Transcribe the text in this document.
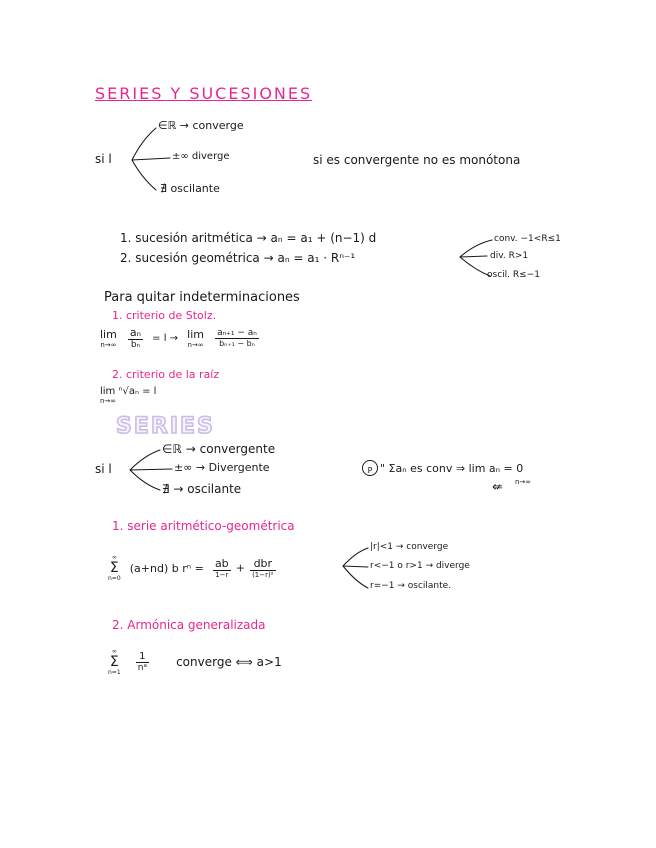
SERIES Y SUCESIONES
si l
∈ℝ → converge
±∞ diverge
∄ oscilante
si es convergente no es monótona
1. sucesión aritmética → aₙ = a₁ + (n−1) d
2. sucesión geométrica → aₙ = a₁ · Rⁿ⁻¹
conv. −1<R≤1
div. R>1
oscil. R≤−1
Para quitar indeterminaciones
1. criterio de Stolz.
lim
n→∞
$\frac{\text{aₙ}}{\text{bₙ}} = l \to \lim$
n→∞
$\frac{\text{aₙ₊₁ − aₙ}}{\text{bₙ₊₁ − bₙ}}$
2. criterio de la raíz
lim ⁿ√aₙ = l
n→∞
SERIES
si l
∈ℝ → convergente
±∞ → Divergente
∄ → oscilante
P " Σaₙ es conv ⇒ lim aₙ = 0
n→∞
⇍
1. serie aritmético-geométrica
∞
Σ
n=0
(a+nd) b $r^n = \frac{ab}{1-r} + \frac{\text{dbr}}{\text{(1−r)²}}$
|r|<1 → converge
r<−1 o r>1 → diverge
r=−1 → oscilante.
2. Armónica generalizada
∞
Σ
n=1
$\frac{1}{\text{nᵃ}}$ converge ⟺ a>1
